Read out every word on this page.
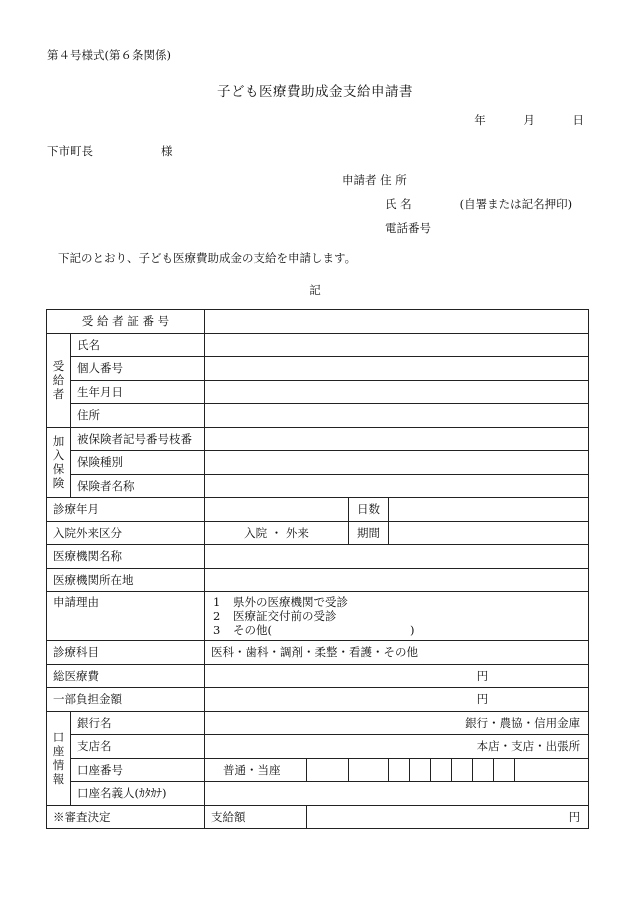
第４号様式(第６条関係)
子ども医療費助成金支給申請書
年	月	日
下市町長	様
申請者 住 所
氏 名	(自署または記名押印)
電話番号
下記のとおり、子ども医療費助成金の支給を申請します。
記
受 給 者 証 番 号											
受給者	氏名										
	個人番号										
	生年月日										
	住所										
加入保険	被保険者記号番号枝番										
	保険種別										
	保険者名称										
診療年月				日数							
入院外来区分		入院 ・ 外来		期間							
医療機関名称											
医療機関所在地											
申請理由		1 県外の医療機関で受診
2 医療証交付前の受診
3 その他(　　　　　　　　　　　　)									

診療科目		医科・歯科・調剤・柔整・看護・その他									
総医療費		円									
一部負担金額		円									
口座情報	銀行名	銀行・農協・信用金庫									
	支店名	本店・支店・出張所									
	口座番号	普通・当座									
	口座名義人(ｶﾀｶﾅ)										
※審査決定		支給額	円								
